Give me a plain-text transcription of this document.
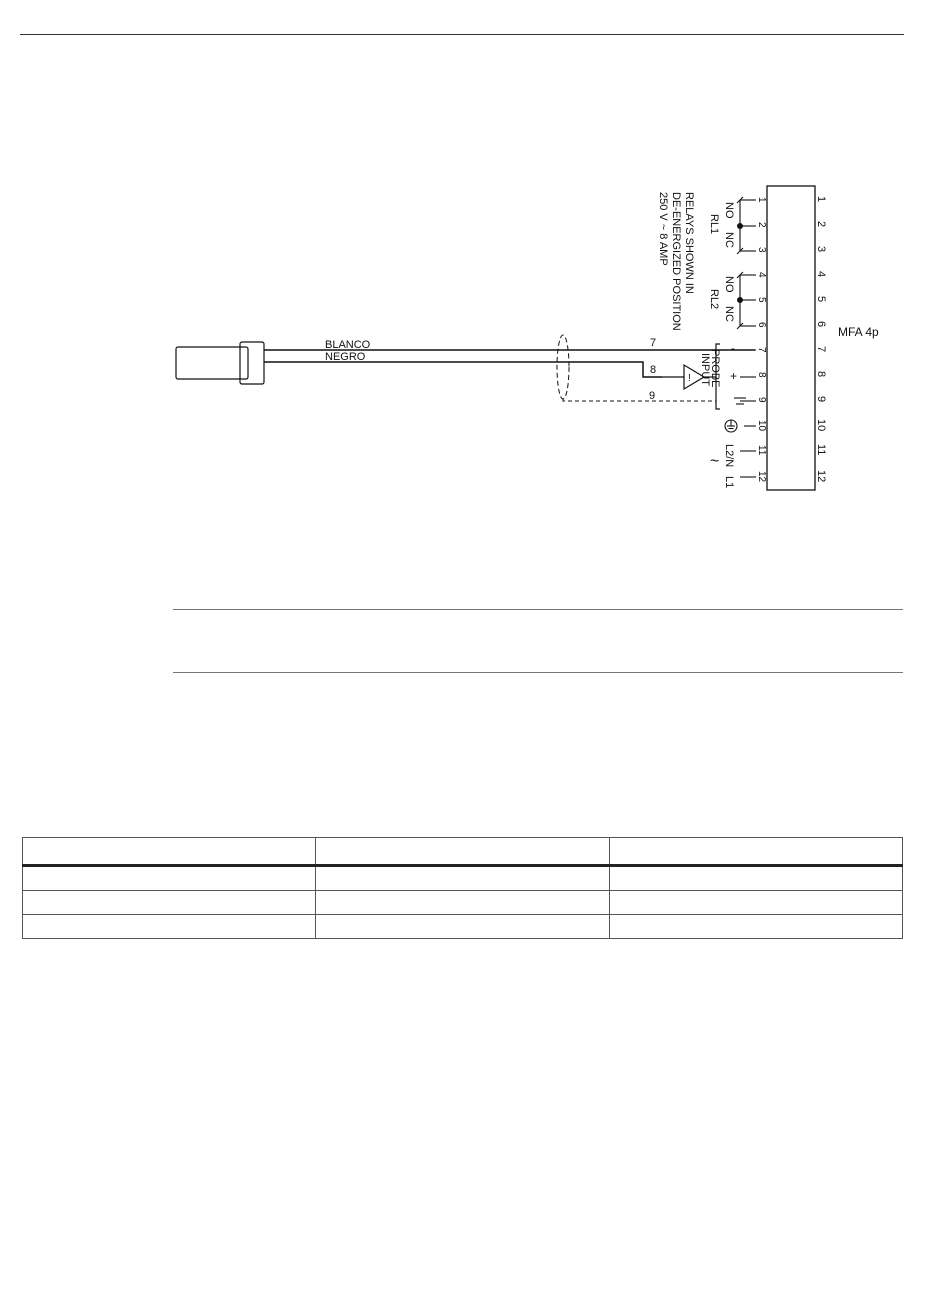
BLANCO
NEGRO
7
8
9
! PROBE
INPUT
-
+
NO
NC
RL1
NO
NC
RL2
RELAYS SHOWN IN
DE-ENERGIZED POSITION
250 V ~ 8 AMP
L2/N
L1
~
1
2
3
4
5
6
7
8
9
10
11
12
MFA 4p
1
2
3
4
5
6
7
8
9
10
11
12
